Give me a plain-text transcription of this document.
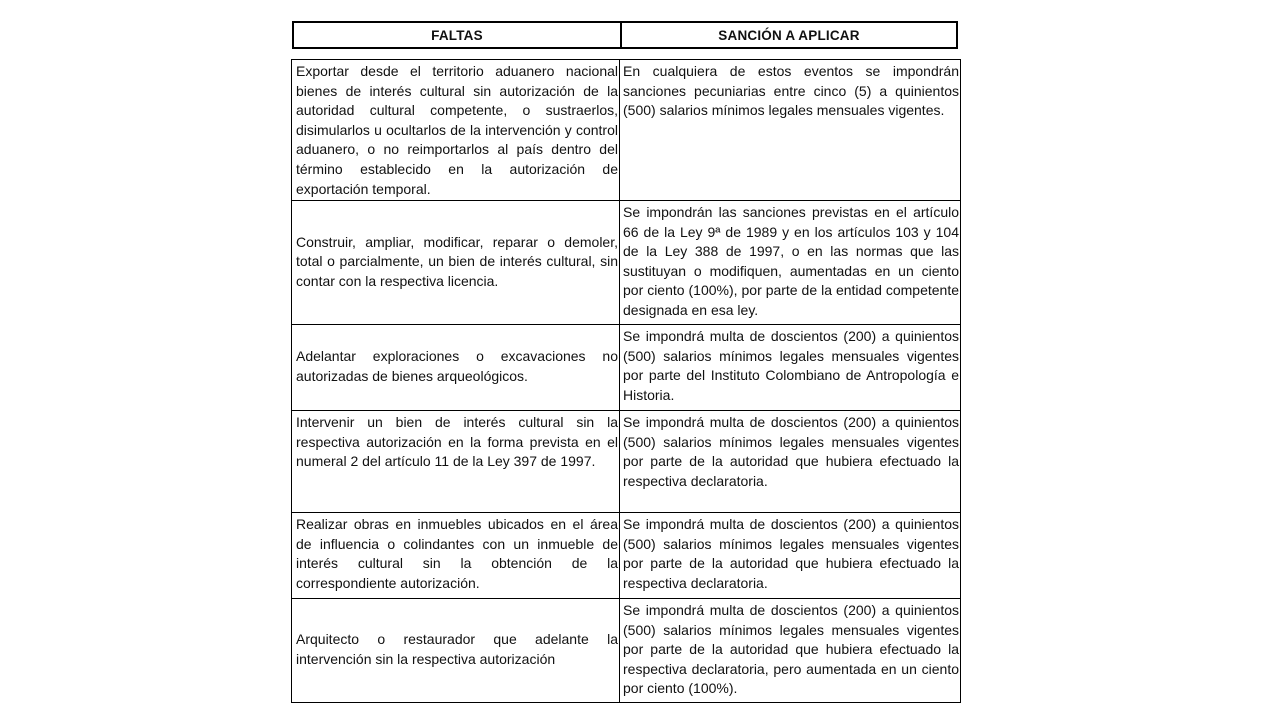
FALTAS	SANCIÓN A APLICAR
Exportar desde el territorio aduanero nacional bienes de interés cultural sin autorización de la autoridad cultural competente, o sustraerlos, disimularlos u ocultarlos de la intervención y control aduanero, o no reimportarlos al país dentro del término establecido en la autorización de exportación temporal.
En cualquiera de estos eventos se impondrán sanciones pecuniarias entre cinco (5) a quinientos (500) salarios mínimos legales mensuales vigentes.
Construir, ampliar, modificar, reparar o demoler, total o parcialmente, un bien de interés cultural, sin contar con la respectiva licencia.
Se impondrán las sanciones previstas en el artículo 66 de la Ley 9ª de 1989 y en los artículos 103 y 104 de la Ley 388 de 1997, o en las normas que las sustituyan o modifiquen, aumentadas en un ciento por ciento (100%), por parte de la entidad competente designada en esa ley.
Adelantar exploraciones o excavaciones no autorizadas de bienes arqueológicos.
Se impondrá multa de doscientos (200) a quinientos (500) salarios mínimos legales mensuales vigentes por parte del Instituto Colombiano de Antropología e Historia.
Intervenir un bien de interés cultural sin la respectiva autorización en la forma prevista en el numeral 2 del artículo 11 de la Ley 397 de 1997.
Se impondrá multa de doscientos (200) a quinientos (500) salarios mínimos legales mensuales vigentes por parte de la autoridad que hubiera efectuado la respectiva declaratoria.
Realizar obras en inmuebles ubicados en el área de influencia o colindantes con un inmueble de interés cultural sin la obtención de la correspondiente autorización.
Se impondrá multa de doscientos (200) a quinientos (500) salarios mínimos legales mensuales vigentes por parte de la autoridad que hubiera efectuado la respectiva declaratoria.
Arquitecto o restaurador que adelante la intervención sin la respectiva autorización
Se impondrá multa de doscientos (200) a quinientos (500) salarios mínimos legales mensuales vigentes por parte de la autoridad que hubiera efectuado la respectiva declaratoria, pero aumentada en un ciento por ciento (100%).
